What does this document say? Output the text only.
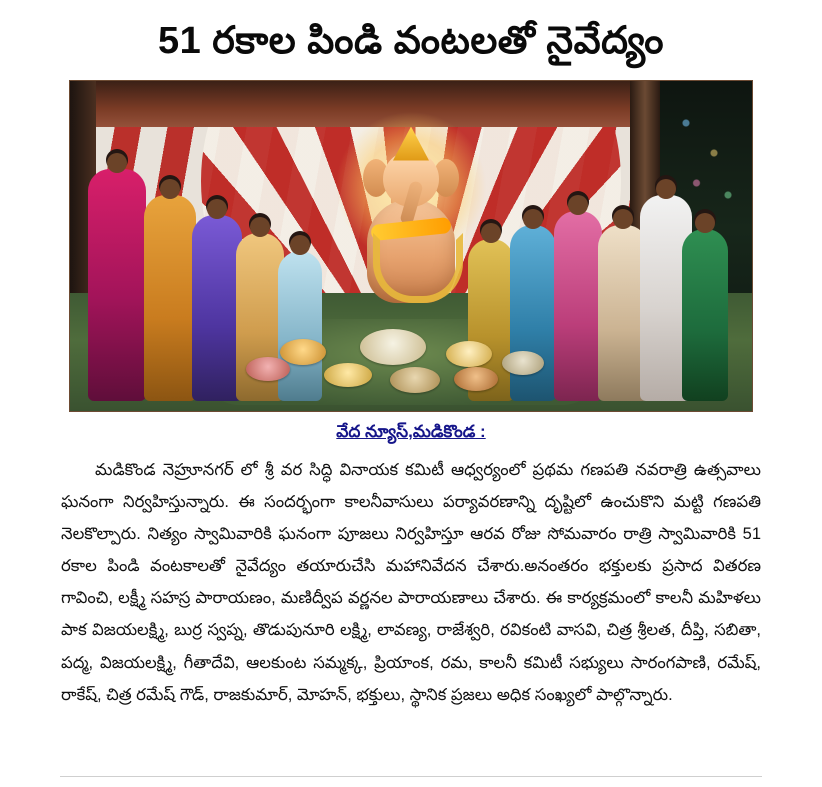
51 రకాల పిండి వంటలతో నైవేద్యం
వేద న్యూస్,మడికొండ :

మడికొండ నెహ్రూనగర్ లో శ్రీ వర సిద్ధి వినాయక కమిటీ ఆధ్వర్యంలో ప్రథమ గణపతి నవరాత్రి ఉత్సవాలు ఘనంగా నిర్వహిస్తున్నారు. ఈ సందర్భంగా కాలనీవాసులు పర్యావరణాన్ని దృష్టిలో ఉంచుకొని మట్టి గణపతి నెలకొల్పారు. నిత్యం స్వామివారికి ఘనంగా పూజలు నిర్వహిస్తూ ఆరవ రోజు సోమవారం రాత్రి స్వామివారికి 51 రకాల పిండి వంటకాలతో నైవేద్యం తయారుచేసి మహానివేదన చేశారు.అనంతరం భక్తులకు ప్రసాద వితరణ గావించి, లక్ష్మీ సహస్ర పారాయణం, మణిద్వీప వర్ణనల పారాయణాలు చేశారు. ఈ కార్యక్రమంలో కాలనీ మహిళలు పాక విజయలక్ష్మి, బుర్ర స్వప్న, తొడుపునూరి లక్ష్మి, లావణ్య, రాజేశ్వరి, రవికంటి వాసవి, చిత్ర శ్రీలత, దీప్తి, సబితా, పద్మ, విజయలక్ష్మి, గీతాదేవి, ఆలకుంట సమ్మక్క, ప్రియాంక, రమ, కాలనీ కమిటీ సభ్యులు సారంగపాణి, రమేష్, రాకేష్, చిత్ర రమేష్ గౌడ్, రాజకుమార్, మోహన్, భక్తులు, స్థానిక ప్రజలు అధిక సంఖ్యలో పాల్గొన్నారు.
